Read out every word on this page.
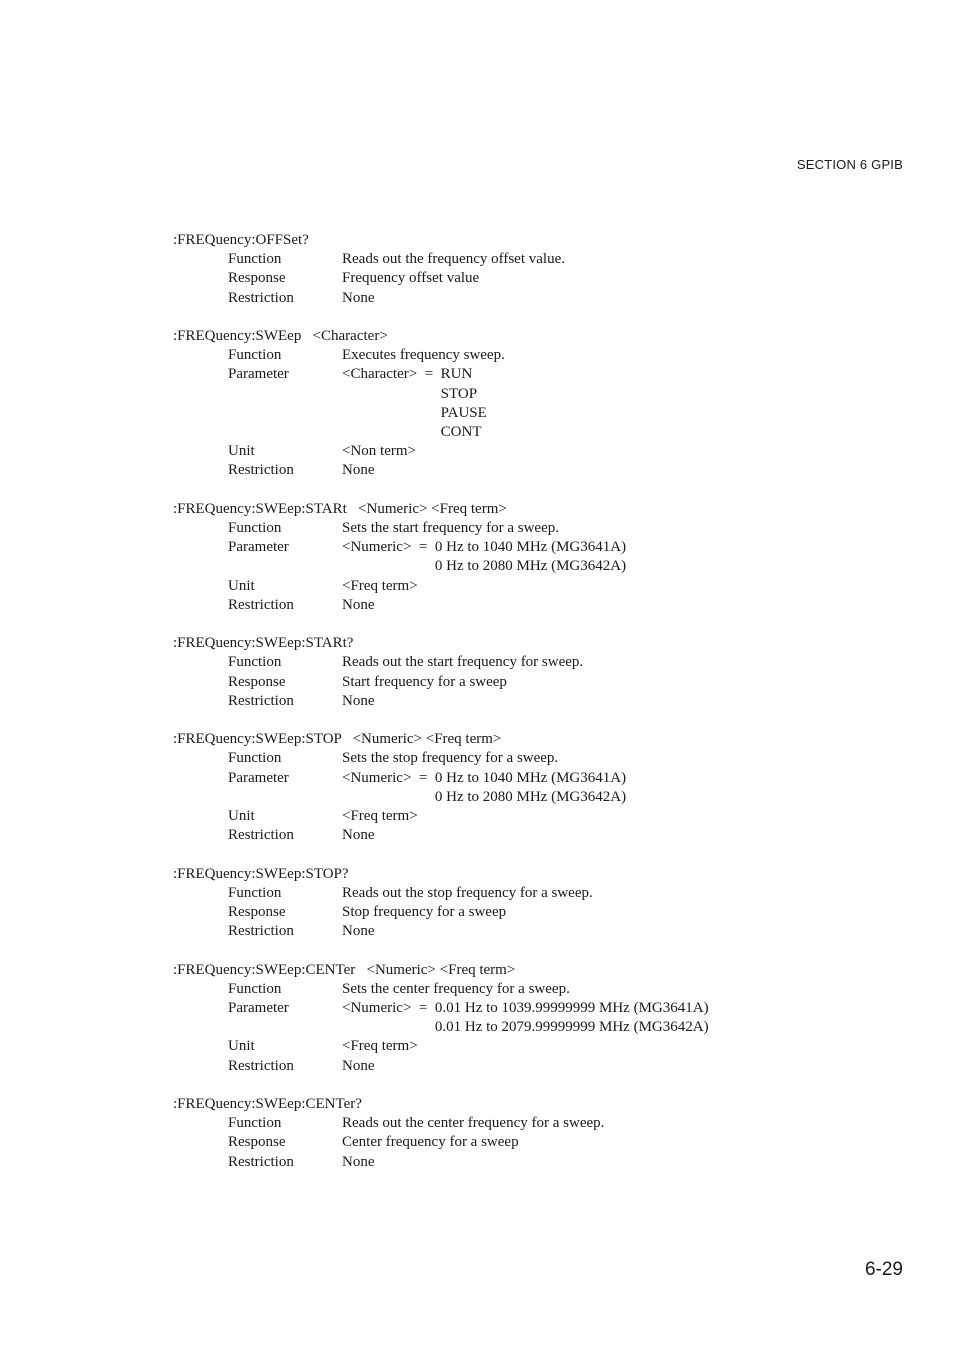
SECTION 6 GPIB
:FREQuency:OFFSet?
Function	Reads out the frequency offset value.
Response	Frequency offset value
Restriction	None
:FREQuency:SWEep   <Character>
Function	Executes frequency sweep.
Parameter	<Character>  = RUN
STOP
PAUSE
CONT
Unit	<Non term>
Restriction	None
:FREQuency:SWEep:STARt   <Numeric> <Freq term>
Function	Sets the start frequency for a sweep.
Parameter	<Numeric>  = 0 Hz to 1040 MHz (MG3641A)
0 Hz to 2080 MHz (MG3642A)
Unit	<Freq term>
Restriction	None
:FREQuency:SWEep:STARt?
Function	Reads out the start frequency for sweep.
Response	Start frequency for a sweep
Restriction	None
:FREQuency:SWEep:STOP   <Numeric> <Freq term>
Function	Sets the stop frequency for a sweep.
Parameter	<Numeric>  = 0 Hz to 1040 MHz (MG3641A)
0 Hz to 2080 MHz (MG3642A)
Unit	<Freq term>
Restriction	None
:FREQuency:SWEep:STOP?
Function	Reads out the stop frequency for a sweep.
Response	Stop frequency for a sweep
Restriction	None
:FREQuency:SWEep:CENTer   <Numeric> <Freq term>
Function	Sets the center frequency for a sweep.
Parameter	<Numeric>  = 0.01 Hz to 1039.99999999 MHz (MG3641A)
0.01 Hz to 2079.99999999 MHz (MG3642A)
Unit	<Freq term>
Restriction	None
:FREQuency:SWEep:CENTer?
Function	Reads out the center frequency for a sweep.
Response	Center frequency for a sweep
Restriction	None
6-29
